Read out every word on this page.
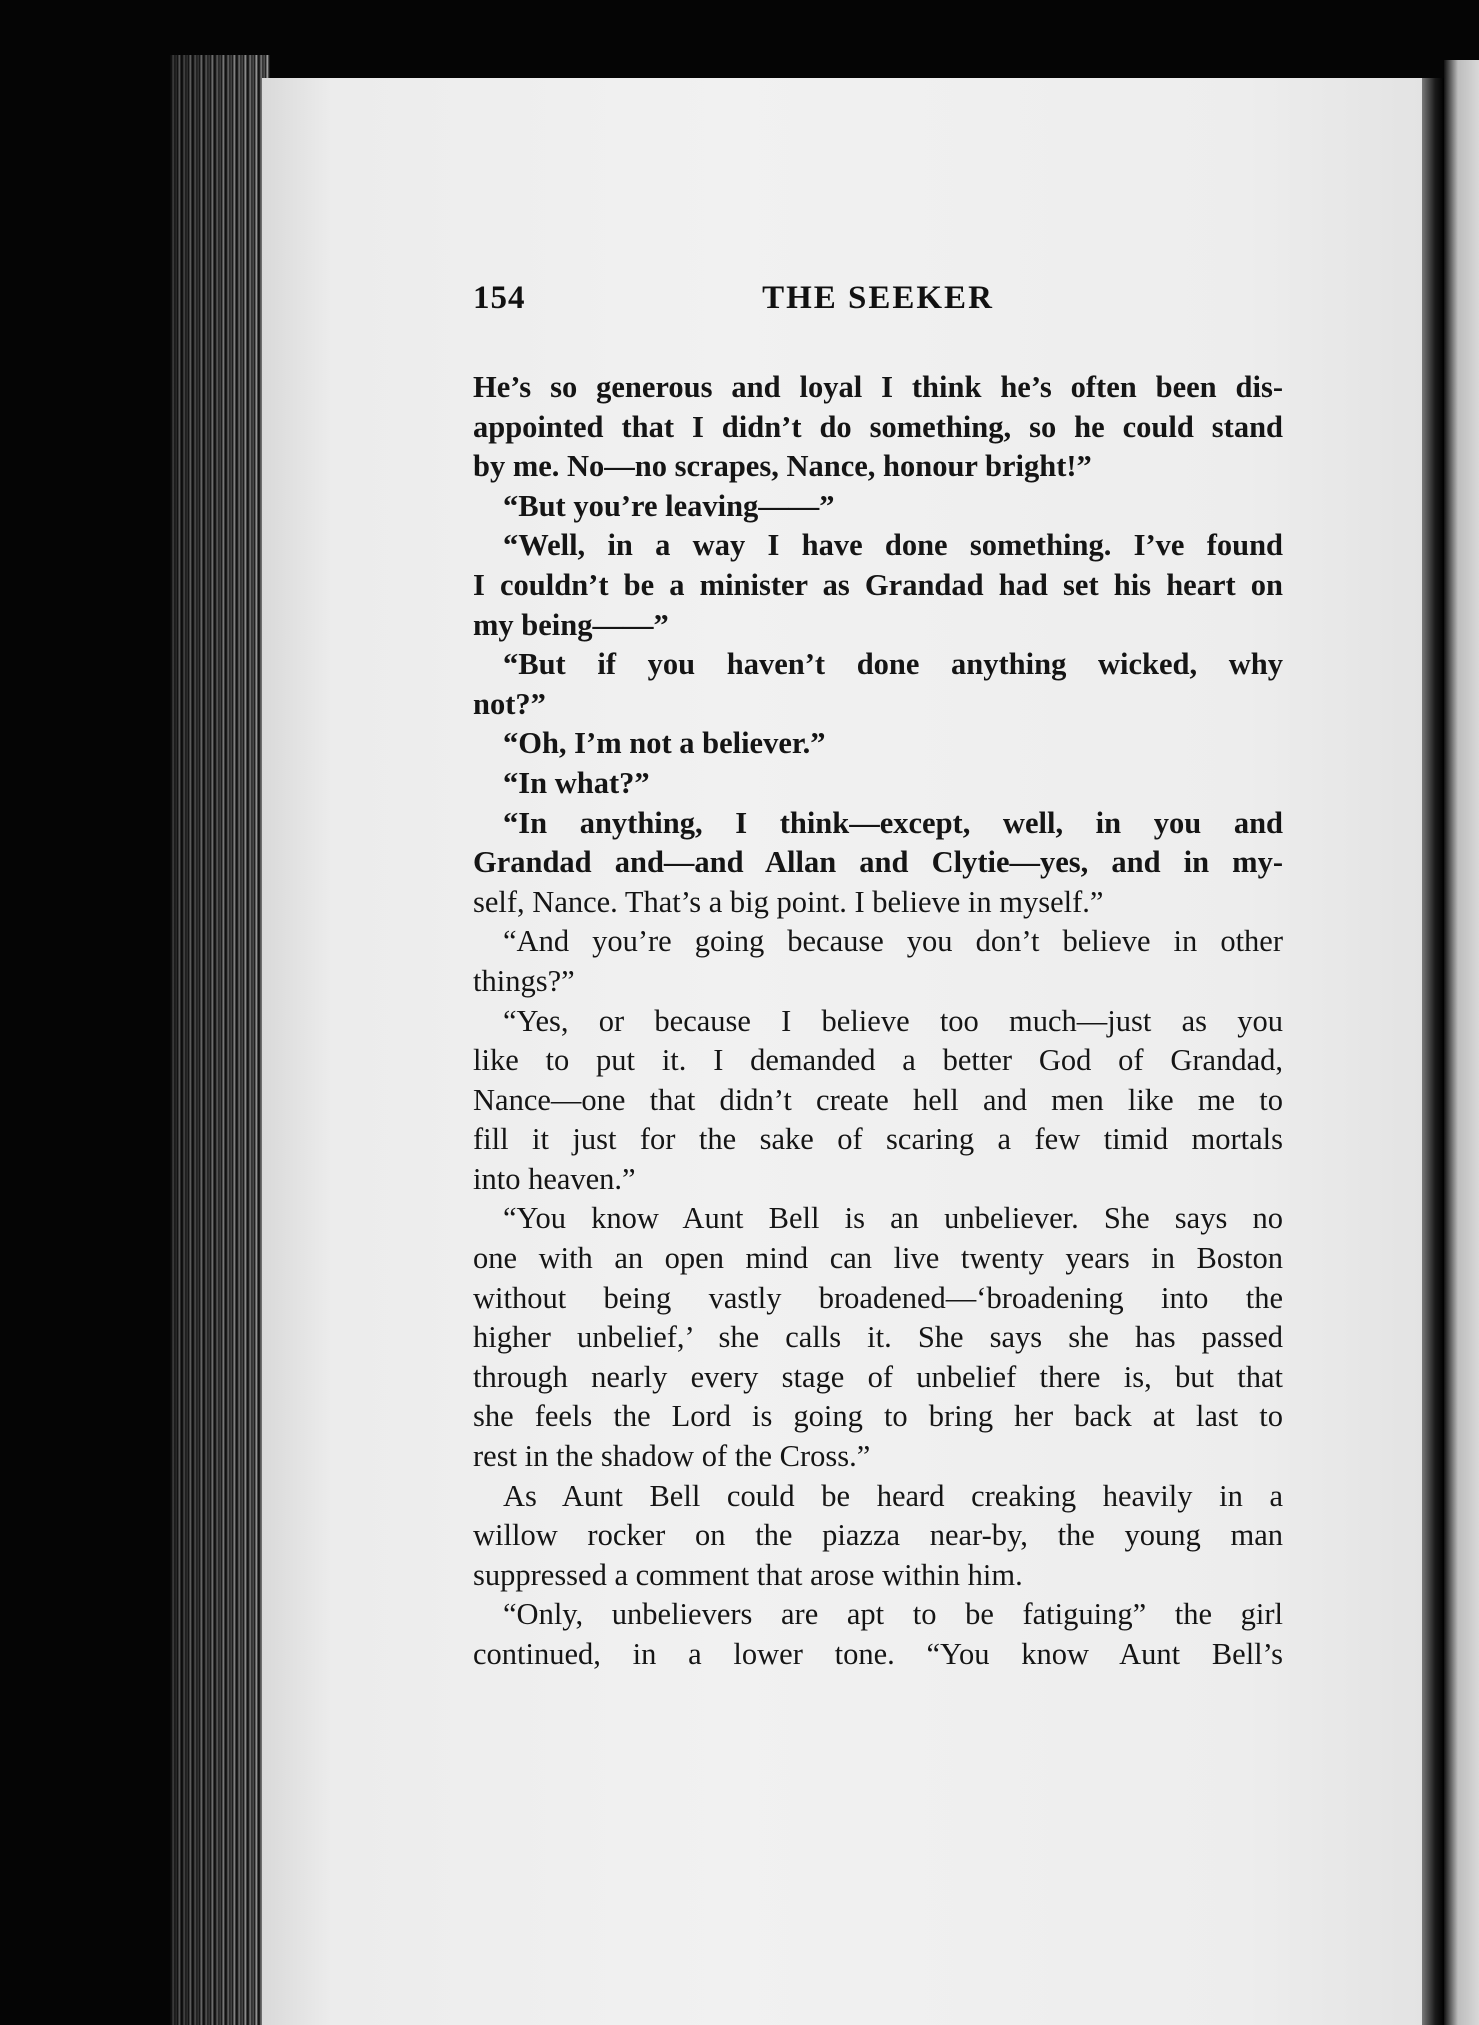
154	THE SEEKER
He’s so generous and loyal I think he’s often been dis-
appointed that I didn’t do something, so he could stand
by me. No—no scrapes, Nance, honour bright!”
“But you’re leaving——”
“Well, in a way I have done something. I’ve found
I couldn’t be a minister as Grandad had set his heart on
my being——”
“But if you haven’t done anything wicked, why
not?”
“Oh, I’m not a believer.”
“In what?”
“In anything, I think—except, well, in you and
Grandad and—and Allan and Clytie—yes, and in my-
self, Nance. That’s a big point. I believe in myself.”
“And you’re going because you don’t believe in other
things?”
“Yes, or because I believe too much—just as you
like to put it. I demanded a better God of Grandad,
Nance—one that didn’t create hell and men like me to
fill it just for the sake of scaring a few timid mortals
into heaven.”
“You know Aunt Bell is an unbeliever. She says no
one with an open mind can live twenty years in Boston
without being vastly broadened—‘broadening into the
higher unbelief,’ she calls it. She says she has passed
through nearly every stage of unbelief there is, but that
she feels the Lord is going to bring her back at last to
rest in the shadow of the Cross.”
As Aunt Bell could be heard creaking heavily in a
willow rocker on the piazza near-by, the young man
suppressed a comment that arose within him.
“Only, unbelievers are apt to be fatiguing” the girl
continued, in a lower tone. “You know Aunt Bell’s
